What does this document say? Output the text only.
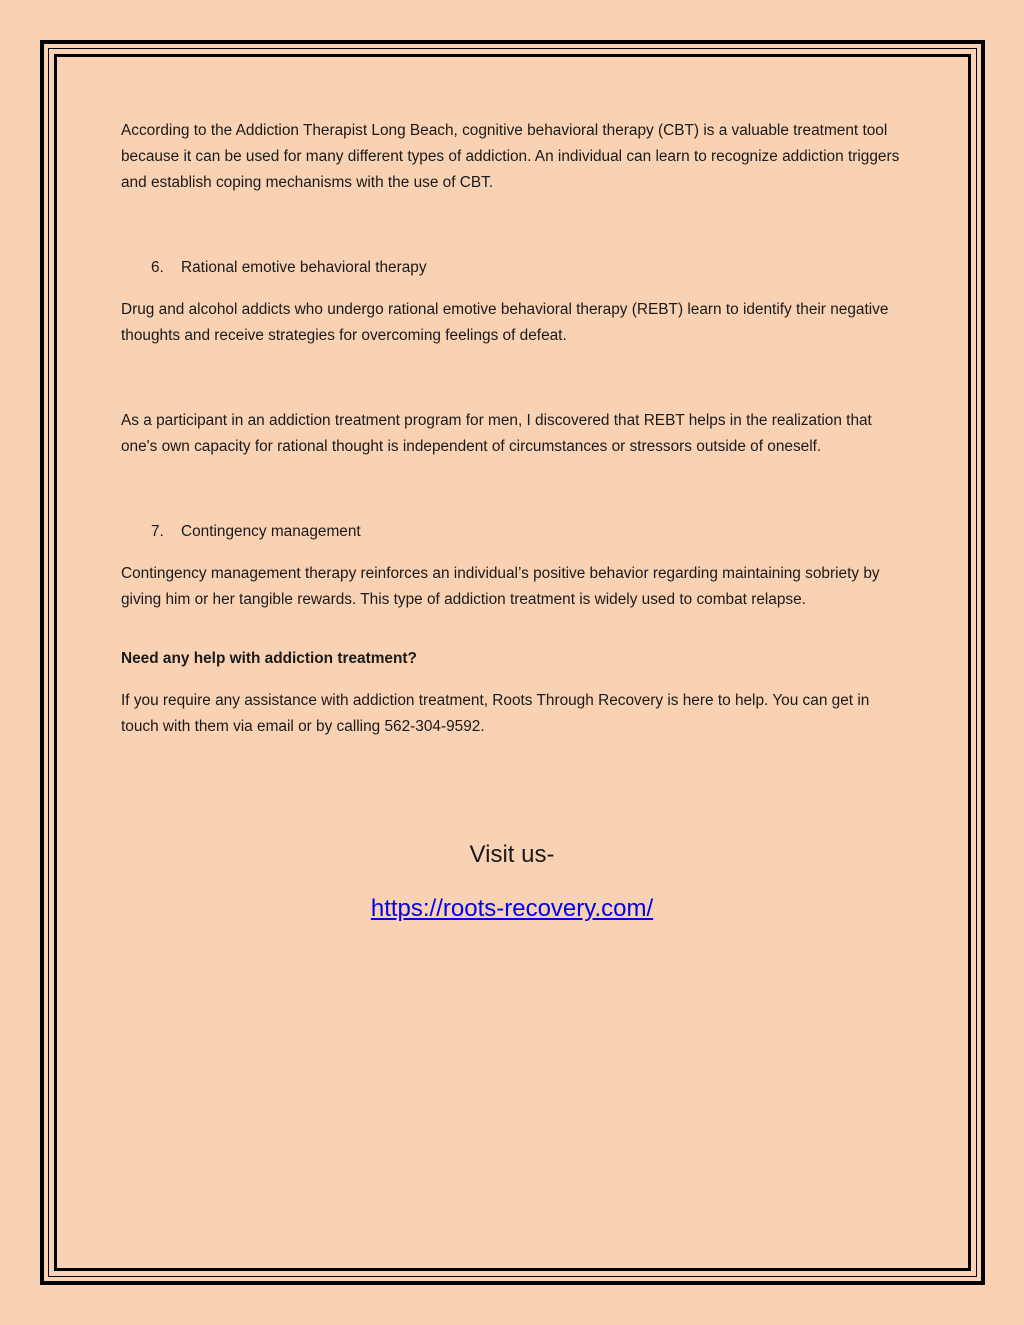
According to the Addiction Therapist Long Beach, cognitive behavioral therapy (CBT) is a valuable treatment tool because it can be used for many different types of addiction. An individual can learn to recognize addiction triggers and establish coping mechanisms with the use of CBT.

6. Rational emotive behavioral therapy

Drug and alcohol addicts who undergo rational emotive behavioral therapy (REBT) learn to identify their negative thoughts and receive strategies for overcoming feelings of defeat.

As a participant in an addiction treatment program for men, I discovered that REBT helps in the realization that one's own capacity for rational thought is independent of circumstances or stressors outside of oneself.

7. Contingency management

Contingency management therapy reinforces an individual’s positive behavior regarding maintaining sobriety by giving him or her tangible rewards. This type of addiction treatment is widely used to combat relapse.

Need any help with addiction treatment?

If you require any assistance with addiction treatment, Roots Through Recovery is here to help. You can get in touch with them via email or by calling 562-304-9592.

Visit us-
https://roots-recovery.com/
